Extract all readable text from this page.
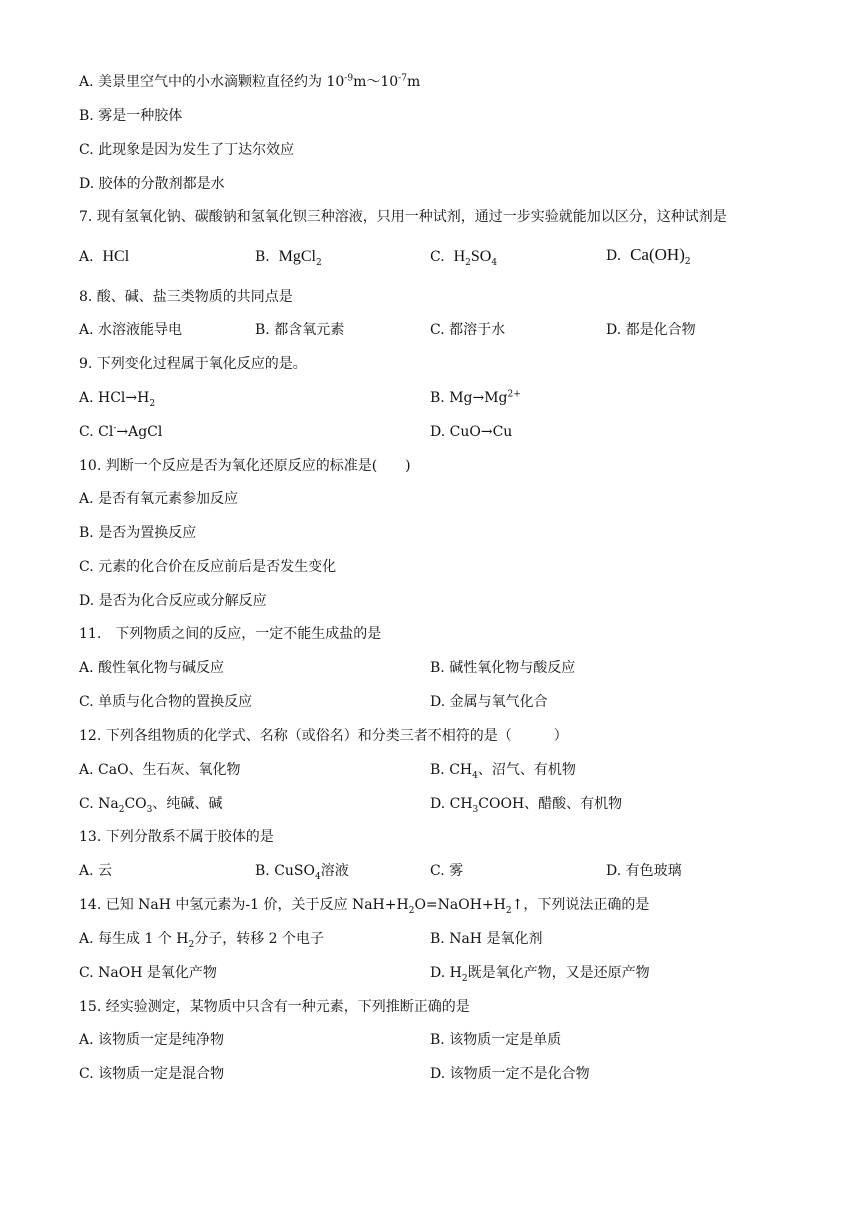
A. 美景里空气中的小水滴颗粒直径约为 $10^{-9}m\sim 10^{-7}m$
B. 雾是一种胶体
C. 此现象是因为发生了丁达尔效应
D. 胶体的分散剂都是水
7. 现有氢氧化钠、碳酸钠和氢氧化钡三种溶液，只用一种试剂，通过一步实验就能加以区分，这种试剂是
A. HCl	B. MgCl$_2$	C. $H_2SO_4$	D. $Ca(OH)_2$
8. 酸、碱、盐三类物质的共同点是
A. 水溶液能导电	B. 都含氧元素	C. 都溶于水	D. 都是化合物
9. 下列变化过程属于氧化反应的是。
A. $HCl\to H_2$	B. $Mg\to Mg^{2+}$
C. Cl-→AgCl	D. CuO→Cu
10. 判断一个反应是否为氧化还原反应的标准是(　　)
A. 是否有氧元素参加反应
B. 是否为置换反应
C. 元素的化合价在反应前后是否发生变化
D. 是否为化合反应或分解反应
11.　下列物质之间的反应，一定不能生成盐的是
A. 酸性氧化物与碱反应	B. 碱性氧化物与酸反应
C. 单质与化合物的置换反应	D. 金属与氧气化合
12. 下列各组物质的化学式、名称（或俗名）和分类三者不相符的是（　　　）
A. CaO、生石灰、氧化物	B. $CH_4$、沼气、有机物
C. $Na_2CO_3$、纯碱、碱	D. $CH_3COOH$、醋酸、有机物
13. 下列分散系不属于胶体的是
A. 云	B. CuSO$_4$溶液	C. 雾	D. 有色玻璃
14. 已知 NaH 中氢元素为-1 价，关于反应 $NaH+H_2O=NaOH+H_2↑$，下列说法正确的是
A. 每生成 1 个 $H_2$分子，转移 2 个电子	B. NaH 是氧化剂
C. NaOH 是氧化产物	D. $H_2$既是氧化产物，又是还原产物
15. 经实验测定，某物质中只含有一种元素，下列推断正确的是
A. 该物质一定是纯净物	B. 该物质一定是单质
C. 该物质一定是混合物	D. 该物质一定不是化合物
